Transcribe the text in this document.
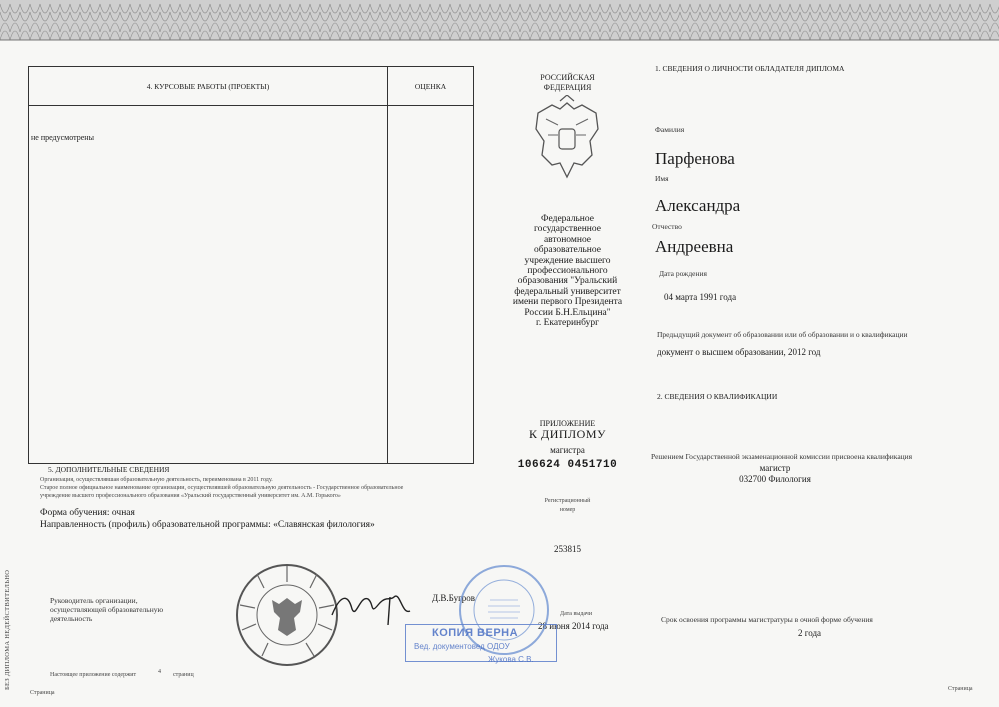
4. КУРСОВЫЕ РАБОТЫ (ПРОЕКТЫ)	ОЦЕНКА
не предусмотрены
5. ДОПОЛНИТЕЛЬНЫЕ СВЕДЕНИЯ
Организация, осуществлявшая образовательную деятельность, переименована в 2011 году.
Старое полное официальное наименование организации, осуществлявшей образовательную деятельность - Государственное образовательное
учреждение высшего профессионального образования «Уральский государственный университет им. А.М. Горького»
Форма обучения: очная
Направленность (профиль) образовательной программы: «Славянская филология»
Руководитель организации,
осуществляющей образовательную
деятельность
Д.В.Бугров
Настоящее приложение содержит	4 страниц
Страница
БЕЗ ДИПЛОМА НЕДЕЙСТВИТЕЛЬНО
РОССИЙСКАЯ
ФЕДЕРАЦИЯ
Федеральное
государственное
автономное
образовательное
учреждение высшего
профессионального
образования "Уральский
федеральный университет
имени первого Президента
России Б.Н.Ельцина"
г. Екатеринбург
ПРИЛОЖЕНИЕ
К ДИПЛОМУ
магистра
106624 0451710
Регистрационный
номер
253815
Дата выдачи
28 июня 2014 года
КОПИЯ ВЕРНА
Вед. документовед ОДОУ
Жукова С.В.
1. СВЕДЕНИЯ О ЛИЧНОСТИ ОБЛАДАТЕЛЯ ДИПЛОМА
Фамилия
Парфенова
Имя
Александра
Отчество
Андреевна
Дата рождения
04 марта 1991 года
Предыдущий документ об образовании или об образовании и о квалификации
документ о высшем образовании, 2012 год
2. СВЕДЕНИЯ О КВАЛИФИКАЦИИ
Решением Государственной экзаменационной комиссии присвоена квалификация
магистр
032700 Филология
Срок освоения программы магистратуры в очной форме обучения
2 года
Страница
